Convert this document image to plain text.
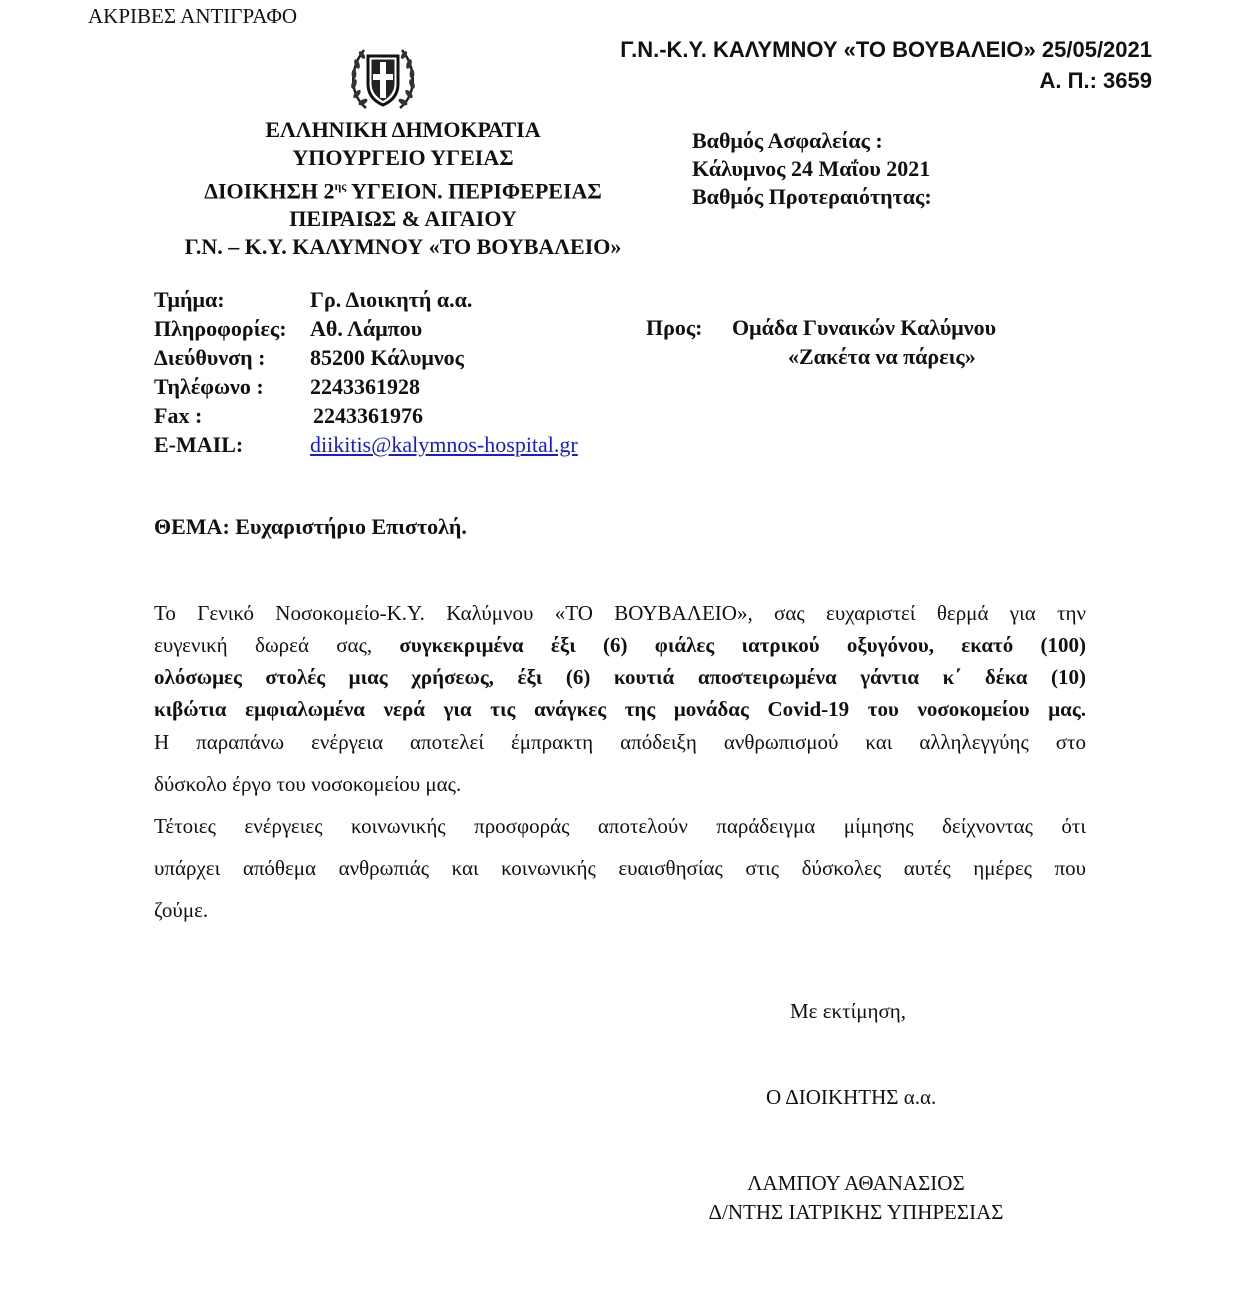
ΑΚΡΙΒΕΣ ΑΝΤΙΓΡΑΦΟ
Γ.Ν.-Κ.Υ. ΚΑΛΥΜΝΟΥ «ΤΟ ΒΟΥΒΑΛΕΙΟ» 25/05/2021
Α. Π.: 3659
ΕΛΛΗΝΙΚΗ ΔΗΜΟΚΡΑΤΙΑ
ΥΠΟΥΡΓΕΙΟ ΥΓΕΙΑΣ
ΔΙΟΙΚΗΣΗ $2^{\eta\varsigma}$ ΥΓΕΙΟΝ. ΠΕΡΙΦΕΡΕΙΑΣ
ΠΕΙΡΑΙΩΣ & ΑΙΓΑΙΟΥ
Γ.Ν. – Κ.Υ. ΚΑΛΥΜΝΟΥ «ΤΟ ΒΟΥΒΑΛΕΙΟ»
Βαθμός Ασφαλείας :
Κάλυμνος 24 Μαΐου 2021
Βαθμός Προτεραιότητας:
Τμήμα:	Γρ. Διοικητή α.α.
Πληροφορίες:	Αθ. Λάμπου
Διεύθυνση :	85200 Κάλυμνος
Τηλέφωνο :	2243361928
Fax :	2243361976
E-MAIL:	diikitis@kalymnos-hospital.gr
Προς: Ομάδα Γυναικών Καλύμνου
«Ζακέτα να πάρεις»
ΘΕΜΑ: Ευχαριστήριο Επιστολή.

Το Γενικό Νοσοκομείο-Κ.Υ. Καλύμνου «ΤΟ ΒΟΥΒΑΛΕΙΟ», σας ευχαριστεί θερμά για την

ευγενική δωρεά σας, συγκεκριμένα έξι (6) φιάλες ιατρικού οξυγόνου, εκατό (100)

ολόσωμες στολές μιας χρήσεως, έξι (6) κουτιά αποστειρωμένα γάντια κ΄ δέκα (10)

κιβώτια εμφιαλωμένα νερά για τις ανάγκες της μονάδας Covid-19 του νοσοκομείου μας.

Η παραπάνω ενέργεια αποτελεί έμπρακτη απόδειξη ανθρωπισμού και αλληλεγγύης στο

δύσκολο έργο του νοσοκομείου μας.

Τέτοιες ενέργειες κοινωνικής προσφοράς αποτελούν παράδειγμα μίμησης δείχνοντας ότι

υπάρχει απόθεμα ανθρωπιάς και κοινωνικής ευαισθησίας στις δύσκολες αυτές ημέρες που

ζούμε.

Με εκτίμηση,
Ο ΔΙΟΙΚΗΤΗΣ α.α.
ΛΑΜΠΟΥ ΑΘΑΝΑΣΙΟΣ
Δ/ΝΤΗΣ ΙΑΤΡΙΚΗΣ ΥΠΗΡΕΣΙΑΣ
